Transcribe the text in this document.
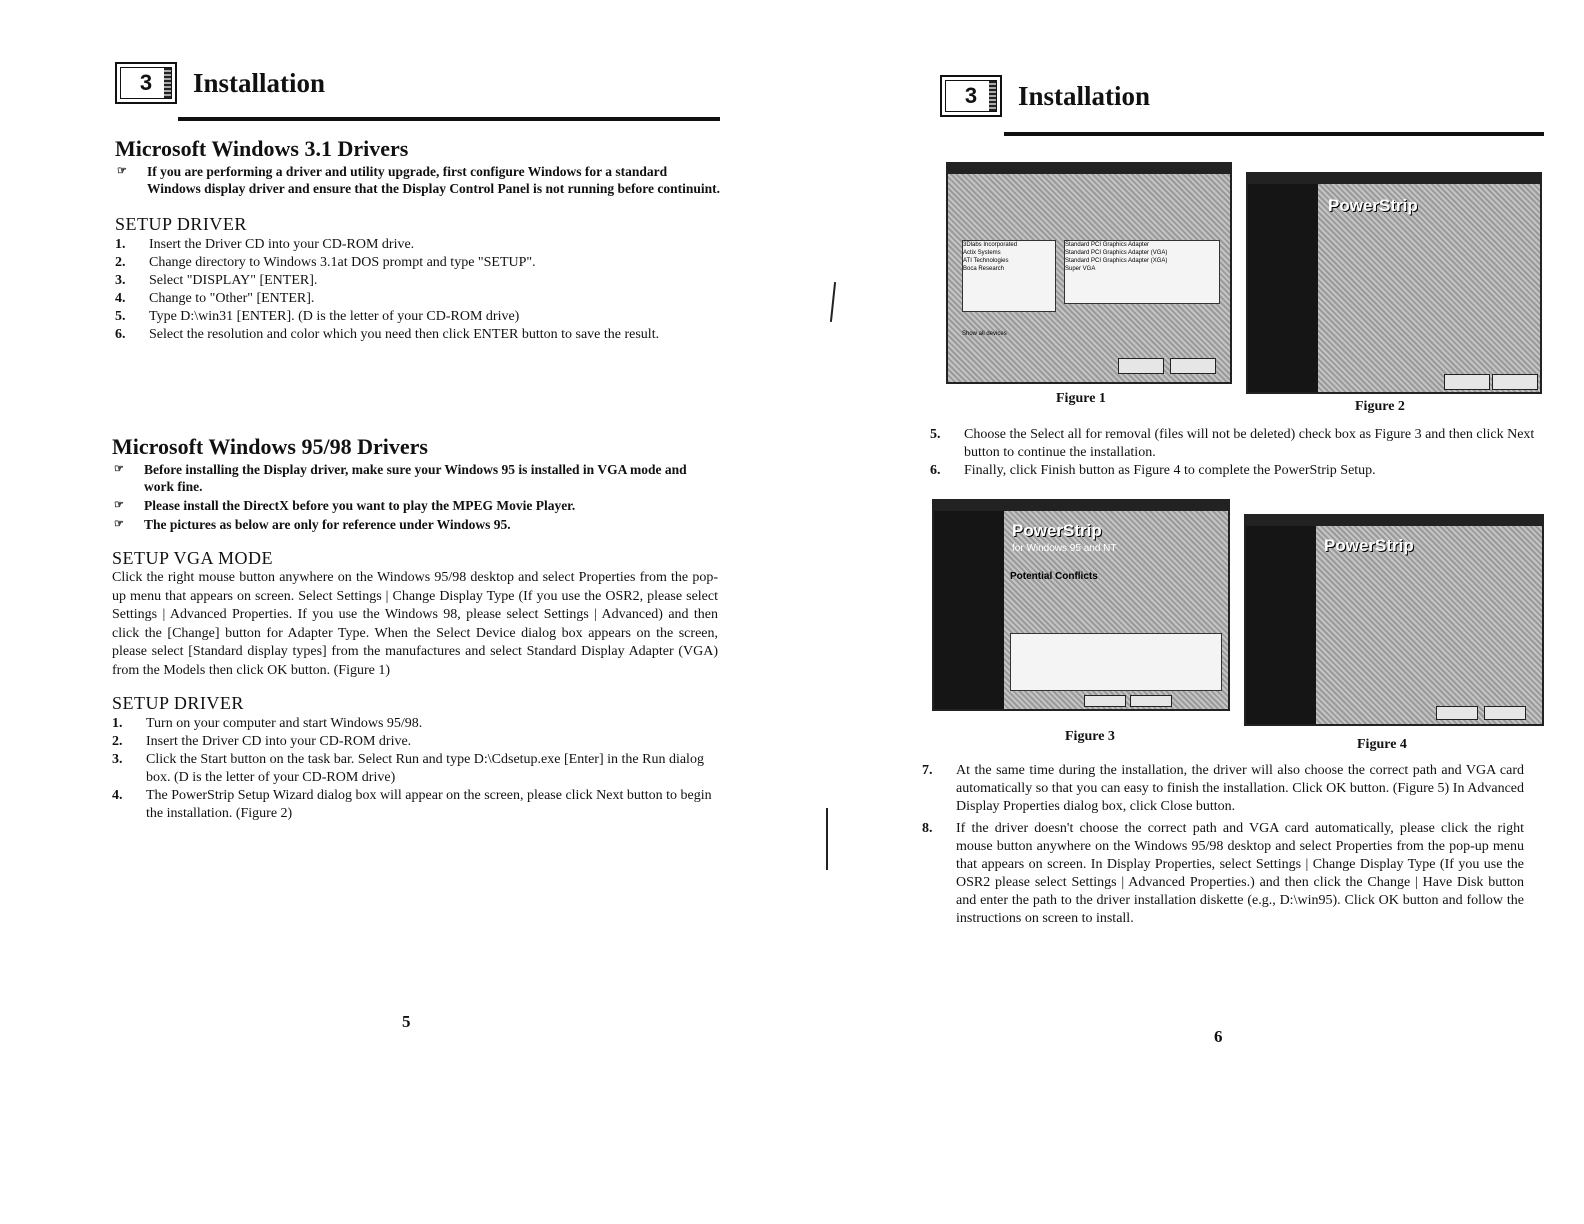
3	Installation
Microsoft Windows 3.1 Drivers
☞	If you are performing a driver and utility upgrade, first configure Windows for a standard Windows display driver and ensure that the Display Control Panel is not running before continuint.
SETUP DRIVER
1.	Insert the Driver CD into your CD-ROM drive.
2.	Change directory to Windows 3.1at DOS prompt and type "SETUP".
3.	Select "DISPLAY" [ENTER].
4.	Change to "Other" [ENTER].
5.	Type D:\win31 [ENTER]. (D is the letter of your CD-ROM drive)
6.	Select the resolution and color which you need then click ENTER button to save the result.
Microsoft Windows 95/98 Drivers
☞	Before installing the Display driver, make sure your Windows 95 is installed in VGA mode and work fine.
☞	Please install the DirectX before you want to play the MPEG Movie Player.
☞	The pictures as below are only for reference under Windows 95.
SETUP VGA MODE
Click the right mouse button anywhere on the Windows 95/98 desktop and select Properties from the pop-up menu that appears on screen. Select Settings | Change Display Type (If you use the OSR2, please select Settings | Advanced Properties. If you use the Windows 98, please select Settings | Advanced) and then click the [Change] button for Adapter Type. When the Select Device dialog box appears on the screen, please select [Standard display types] from the manufactures and select Standard Display Adapter (VGA) from the Models then click OK button. (Figure 1)
SETUP DRIVER
1.	Turn on your computer and start Windows 95/98.
2.	Insert the Driver CD into your CD-ROM drive.
3.	Click the Start button on the task bar. Select Run and type D:\Cdsetup.exe [Enter] in the Run dialog box. (D is the letter of your CD-ROM drive)
4.	The PowerStrip Setup Wizard dialog box will appear on the screen, please click Next button to begin the installation. (Figure 2)
5
3	Installation
3Dlabs Incorporated
Actix Systems
ATI Technologies
Boca Research
Standard PCI Graphics Adapter
Standard PCI Graphics Adapter (VGA)
Standard PCI Graphics Adapter (XGA)
Super VGA
Show all devices
Figure 1
PowerStrip
Figure 2
5.	Choose the Select all for removal (files will not be deleted) check box as Figure 3 and then click Next button to continue the installation.
6.	Finally, click Finish button as Figure 4 to complete the PowerStrip Setup.
PowerStrip
for Windows 95 and NT
Potential Conflicts
Figure 3
PowerStrip
Figure 4
7.	At the same time during the installation, the driver will also choose the correct path and VGA card automatically so that you can easy to finish the installation. Click OK button. (Figure 5) In Advanced Display Properties dialog box, click Close button.
8.	If the driver doesn't choose the correct path and VGA card automatically, please click the right mouse button anywhere on the Windows 95/98 desktop and select Properties from the pop-up menu that appears on screen. In Display Properties, select Settings | Change Display Type (If you use the OSR2 please select Settings | Advanced Properties.) and then click the Change | Have Disk button and enter the path to the driver installation diskette (e.g., D:\win95). Click OK button and follow the instructions on screen to install.
6
